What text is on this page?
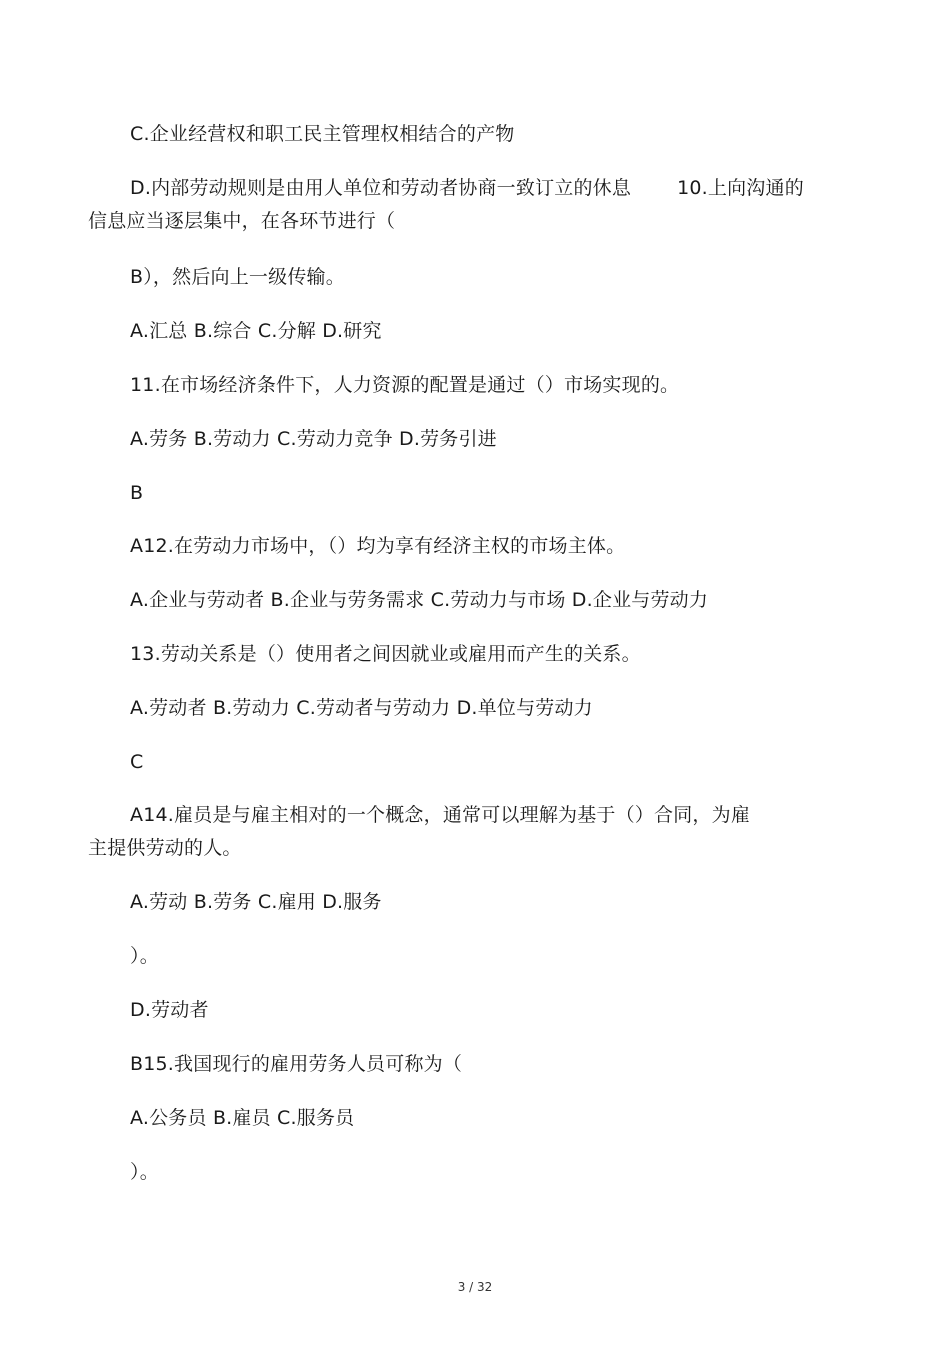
C.企业经营权和职工民主管理权相结合的产物
D.内部劳动规则是由用人单位和劳动者协商一致订立的休息 10.上向沟通的
信息应当逐层集中，在各环节进行（
B），然后向上一级传输。
A.汇总 B.综合 C.分解 D.研究
11.在市场经济条件下，人力资源的配置是通过（）市场实现的。
A.劳务 B.劳动力 C.劳动力竞争 D.劳务引进
B
A12.在劳动力市场中，（）均为享有经济主权的市场主体。
A.企业与劳动者 B.企业与劳务需求 C.劳动力与市场 D.企业与劳动力
13.劳动关系是（）使用者之间因就业或雇用而产生的关系。
A.劳动者 B.劳动力 C.劳动者与劳动力 D.单位与劳动力
C
A14.雇员是与雇主相对的一个概念，通常可以理解为基于（）合同，为雇
主提供劳动的人。
A.劳动 B.劳务 C.雇用 D.服务
）。
D.劳动者
B15.我国现行的雇用劳务人员可称为（
A.公务员 B.雇员 C.服务员
）。
3 / 32
